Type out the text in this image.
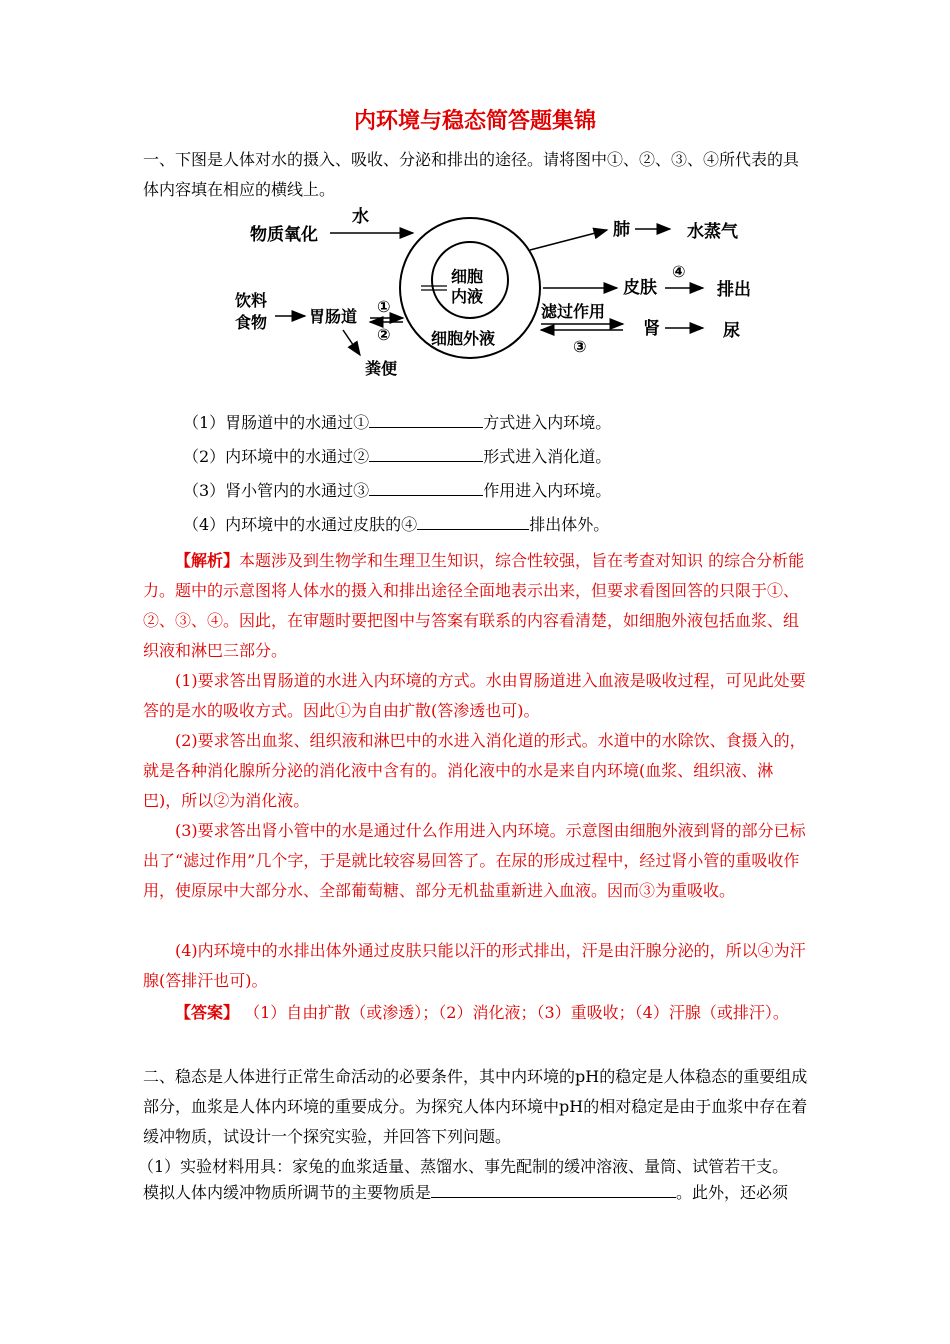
内环境与稳态简答题集锦
一、下图是人体对水的摄入、吸收、分泌和排出的途径。请将图中①、②、③、④所代表的具体内容填在相应的横线上。
物质氧化
水
细胞
内液
细胞外液
饮料
食物	胃肠道
①
②
粪便
肺	水蒸气
皮肤
④
排出
滤过作用
③
肾	尿
（1）胃肠道中的水通过①	方式进入内环境。
（2）内环境中的水通过②	形式进入消化道。
（3）肾小管内的水通过③	作用进入内环境。
（4）内环境中的水通过皮肤的④	排出体外。
【解析】本题涉及到生物学和生理卫生知识，综合性较强，旨在考查对知识 的综合分析能力。题中的示意图将人体水的摄入和排出途径全面地表示出来，但要求看图回答的只限于①、②、③、④。因此，在审题时要把图中与答案有联系的内容看清楚，如细胞外液包括血浆、组织液和淋巴三部分。
(1)要求答出胃肠道的水进入内环境的方式。水由胃肠道进入血液是吸收过程，可见此处要答的是水的吸收方式。因此①为自由扩散(答渗透也可)。
(2)要求答出血浆、组织液和淋巴中的水进入消化道的形式。水道中的水除饮、食摄入的，就是各种消化腺所分泌的消化液中含有的。消化液中的水是来自内环境(血浆、组织液、淋 巴)，所以②为消化液。
(3)要求答出肾小管中的水是通过什么作用进入内环境。示意图由细胞外液到肾的部分已标出了“滤过作用”几个字，于是就比较容易回答了。在尿的形成过程中，经过肾小管的重吸收作用，使原尿中大部分水、全部葡萄糖、部分无机盐重新进入血液。因而③为重吸收。
(4)内环境中的水排出体外通过皮肤只能以汗的形式排出，汗是由汗腺分泌的，所以④为汗腺(答排汗也可)。
【答案】 （1）自由扩散（或渗透）；（2）消化液；（3）重吸收；（4）汗腺（或排汗）。
二、稳态是人体进行正常生命活动的必要条件，其中内环境的pH的稳定是人体稳态的重要组成部分，血浆是人体内环境的重要成分。为探究人体内环境中pH的相对稳定是由于血浆中存在着缓冲物质，试设计一个探究实验，并回答下列问题。
（1）实验材料用具：家兔的血浆适量、蒸馏水、事先配制的缓冲溶液、量筒、试管若干支。
模拟人体内缓冲物质所调节的主要物质是	。此外，还必须
